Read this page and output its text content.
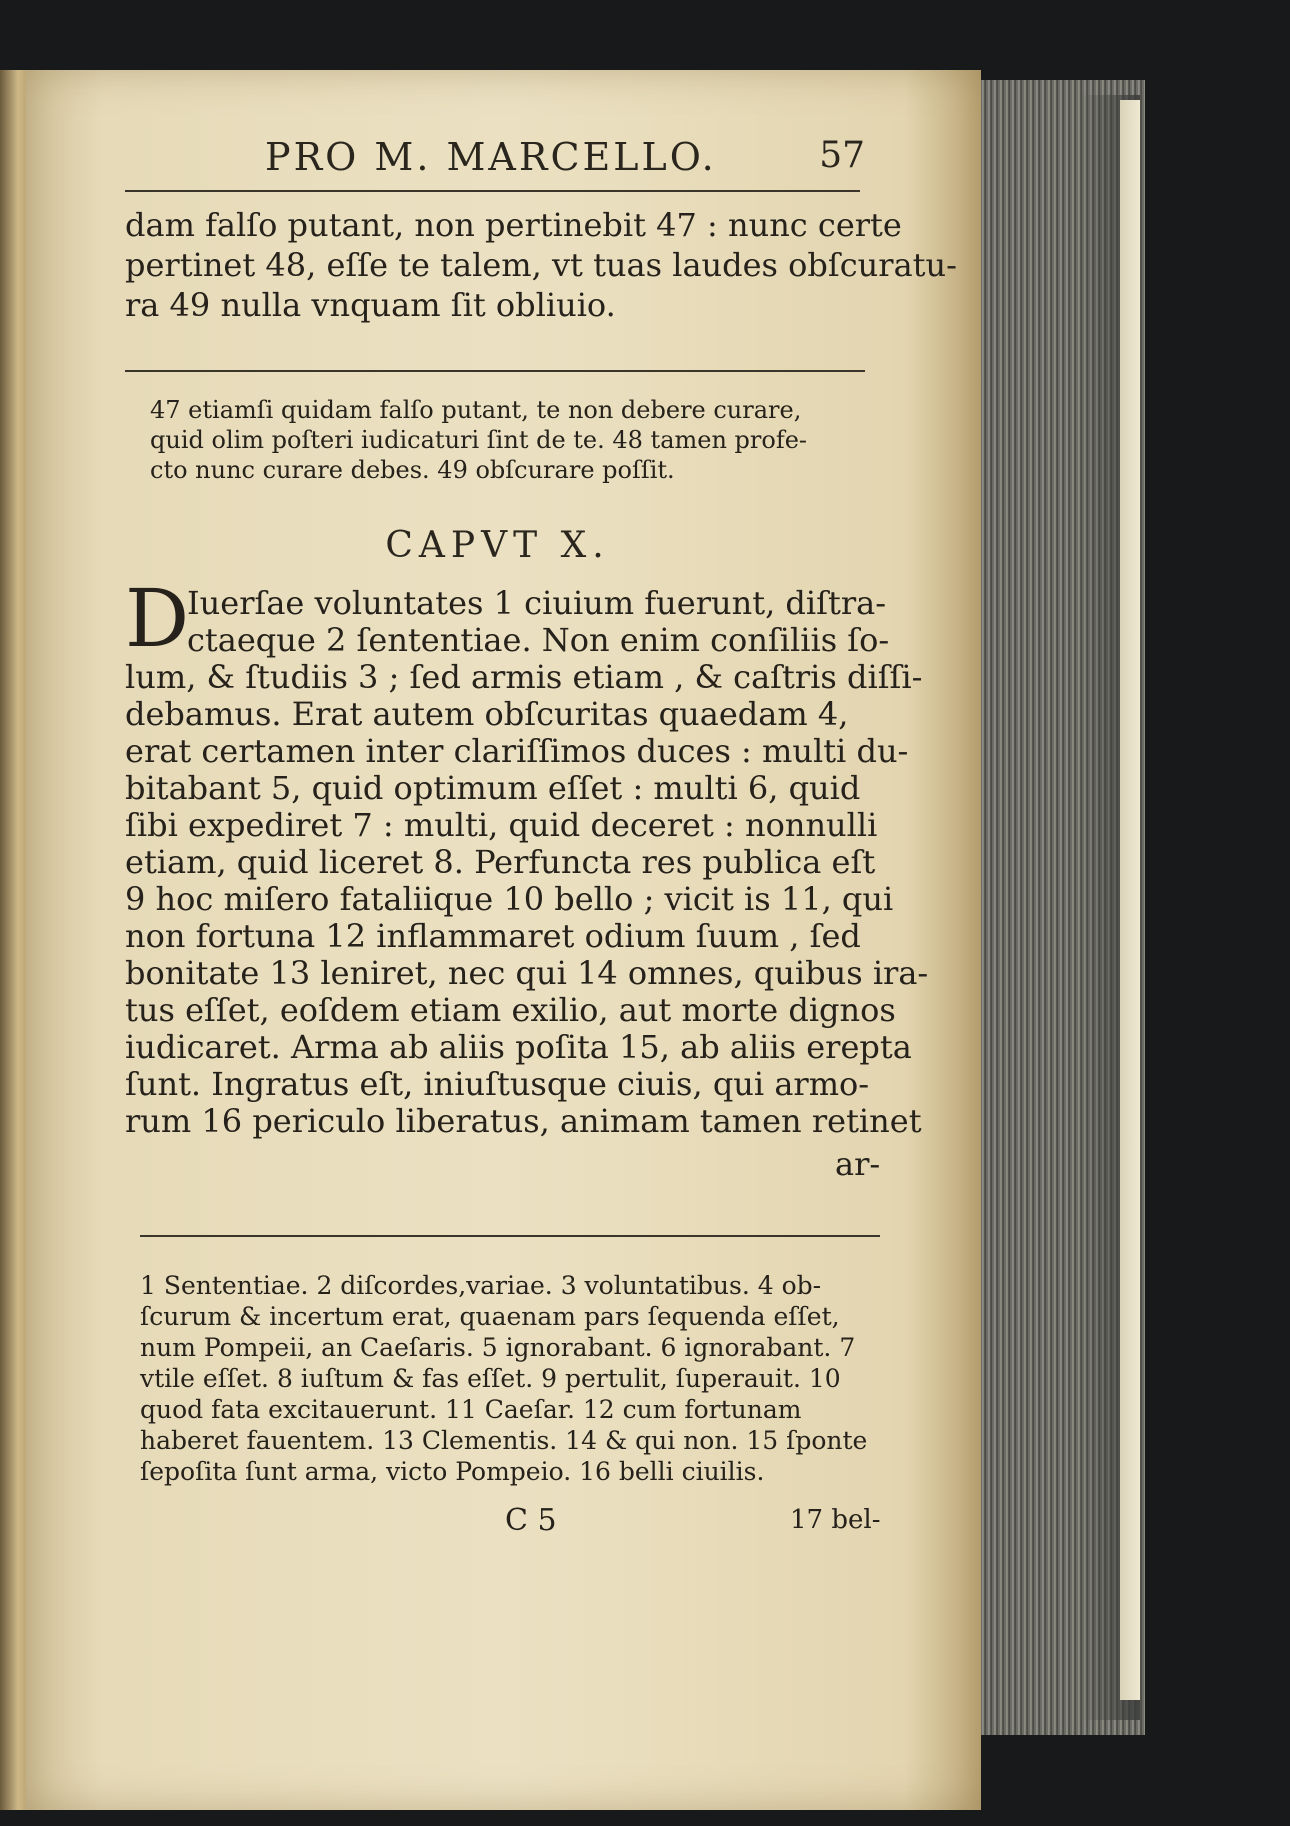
PRO M. MARCELLO.	57
dam falſo putant, non pertinebit 47 : nunc certe
pertinet 48, eſſe te talem, vt tuas laudes obſcuratu-
ra 49 nulla vnquam ſit obliuio.
47 etiamſi quidam falſo putant, te non debere curare,
quid olim poſteri iudicaturi ſint de te. 48 tamen profe-
cto nunc curare debes. 49 obſcurare poſſit.
CAPVT X.
D
Iuerſae voluntates 1 ciuium fuerunt, diſtra-
ctaeque 2 ſententiae. Non enim conſiliis ſo-
lum, & ſtudiis 3 ; ſed armis etiam , & caſtris diſſi-
debamus. Erat autem obſcuritas quaedam 4,
erat certamen inter clariſſimos duces : multi du-
bitabant 5, quid optimum eſſet : multi 6, quid
ſibi expediret 7 : multi, quid deceret : nonnulli
etiam, quid liceret 8. Perfuncta res publica eſt
9 hoc miſero fataliique 10 bello ; vicit is 11, qui
non fortuna 12 inflammaret odium ſuum , ſed
bonitate 13 leniret, nec qui 14 omnes, quibus ira-
tus eſſet, eoſdem etiam exilio, aut morte dignos
iudicaret. Arma ab aliis poſita 15, ab aliis erepta
ſunt. Ingratus eſt, iniuſtusque ciuis, qui armo-
rum 16 periculo liberatus, animam tamen retinet
ar-
1 Sententiae. 2 diſcordes,variae. 3 voluntatibus. 4 ob-
ſcurum & incertum erat, quaenam pars ſequenda eſſet,
num Pompeii, an Caeſaris. 5 ignorabant. 6 ignorabant. 7
vtile eſſet. 8 iuſtum & fas eſſet. 9 pertulit, ſuperauit. 10
quod fata excitauerunt. 11 Caeſar. 12 cum fortunam
haberet fauentem. 13 Clementis. 14 & qui non. 15 ſponte
ſepoſita ſunt arma, victo Pompeio. 16 belli ciuilis.
C 5	17 bel-
